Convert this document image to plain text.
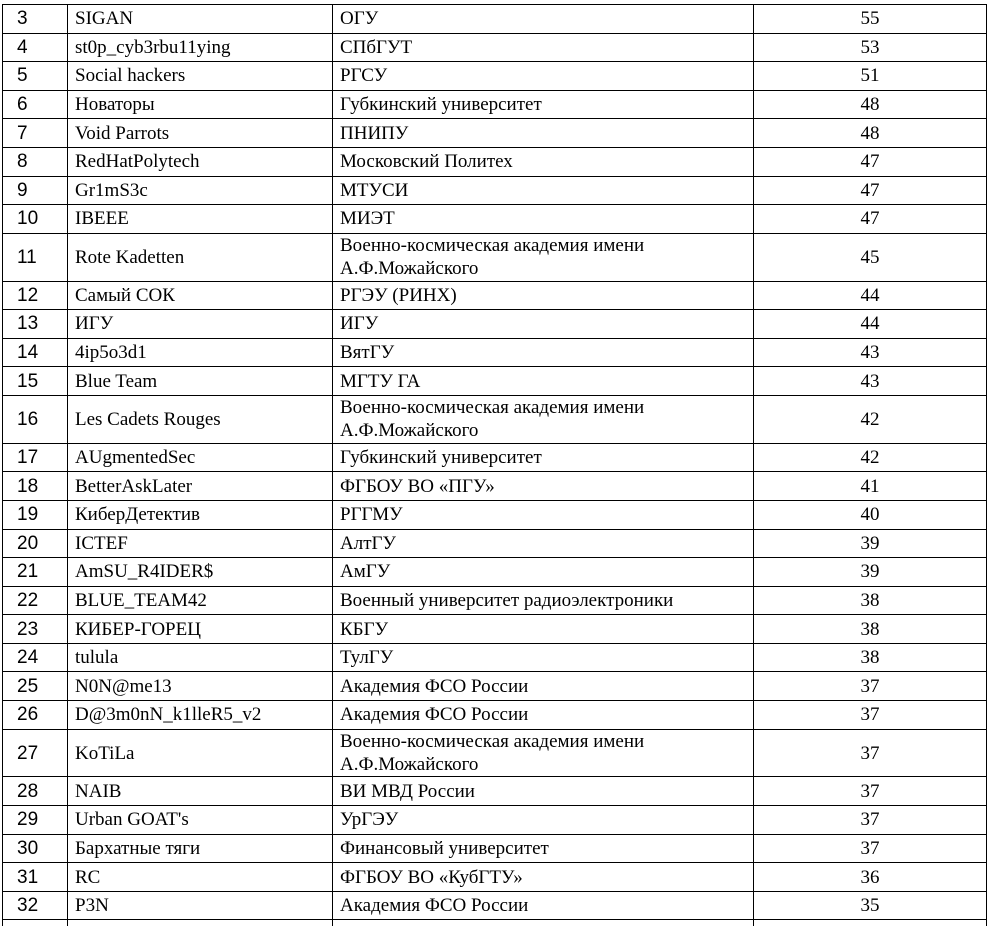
3	SIGAN	ОГУ	55
4	st0p_cyb3rbu11ying	СПбГУТ	53
5	Social hackers	РГСУ	51
6	Новаторы	Губкинский университет	48
7	Void Parrots	ПНИПУ	48
8	RedHatPolytech	Московский Политех	47
9	Gr1mS3c	МТУСИ	47
10	IBEEE	МИЭТ	47
11	Rote Kadetten	Военно-космическая академия имени А.Ф.Можайского	45
12	Самый СОК	РГЭУ (РИНХ)	44
13	ИГУ	ИГУ	44
14	4ip5o3d1	ВятГУ	43
15	Blue Team	МГТУ ГА	43
16	Les Cadets Rouges	Военно-космическая академия имени А.Ф.Можайского	42
17	AUgmentedSec	Губкинский университет	42
18	BetterAskLater	ФГБОУ ВО «ПГУ»	41
19	КиберДетектив	РГГМУ	40
20	ICTEF	АлтГУ	39
21	AmSU_R4IDER$	АмГУ	39
22	BLUE_TEAM42	Военный университет радиоэлектроники	38
23	КИБЕР-ГОРЕЦ	КБГУ	38
24	tulula	ТулГУ	38
25	N0N@me13	Академия ФСО России	37
26	D@3m0nN_k1lleR5_v2	Академия ФСО России	37
27	KoTiLa	Военно-космическая академия имени А.Ф.Можайского	37
28	NAIB	ВИ МВД России	37
29	Urban GOAT's	УрГЭУ	37
30	Бархатные тяги	Финансовый университет	37
31	RC	ФГБОУ ВО «КубГТУ»	36
32	P3N	Академия ФСО России	35
